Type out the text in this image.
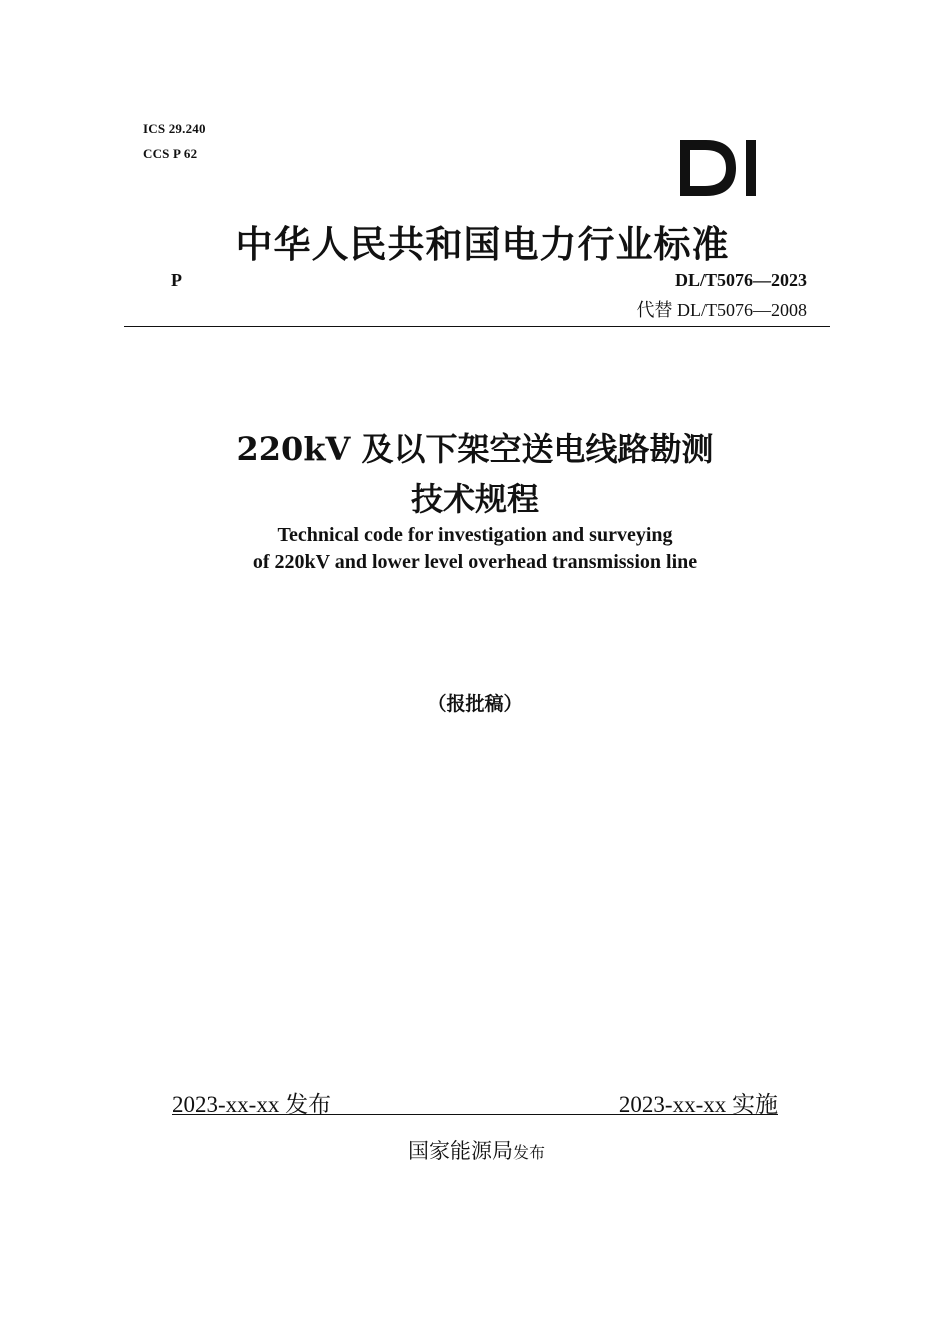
ICS 29.240
CCS P 62
中华人民共和国电力行业标准
P	DL/T5076—2023
代替 DL/T5076—2008
220kV 及以下架空送电线路勘测
技术规程
Technical code for investigation and surveying
of 220kV and lower level overhead transmission line
（报批稿）
2023-xx-xx 发布	2023-xx-xx 实施
国家能源局发布
